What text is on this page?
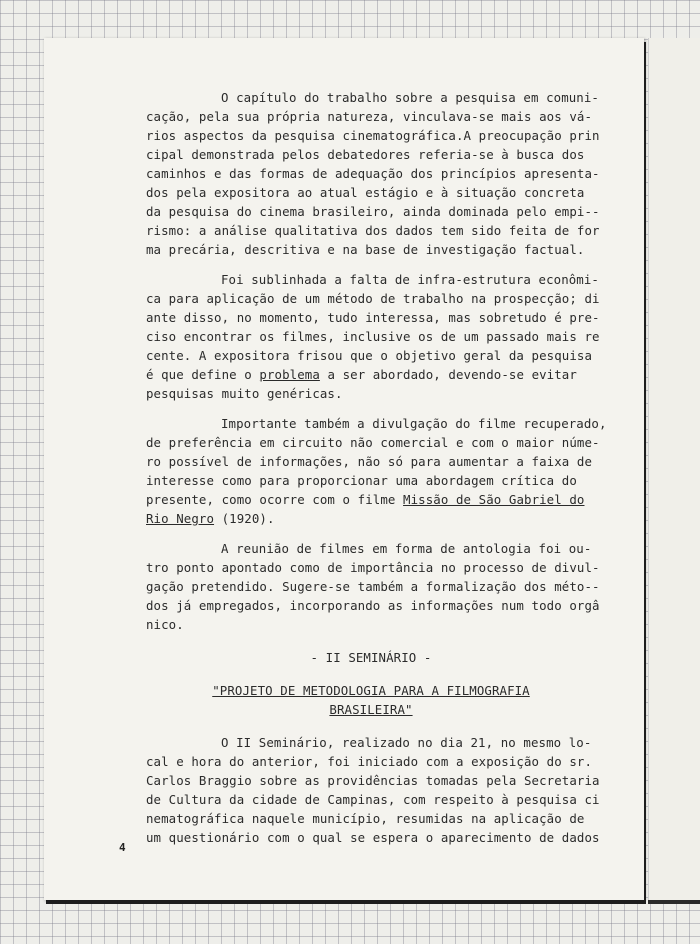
O capítulo do trabalho sobre a pesquisa em comuni-
cação, pela sua própria natureza, vinculava-se mais aos vá-
rios aspectos da pesquisa cinematográfica.A preocupação prin
cipal demonstrada pelos debatedores referia-se à busca dos
caminhos e das formas de adequação dos princípios apresenta-
dos pela expositora ao atual estágio e à situação concreta
da pesquisa do cinema brasileiro, ainda dominada pelo empi--
rismo: a análise qualitativa dos dados tem sido feita de for
ma precária, descritiva e na base de investigação factual.
Foi sublinhada a falta de infra-estrutura econômi-
ca para aplicação de um método de trabalho na prospecção; di
ante disso, no momento, tudo interessa, mas sobretudo é pre-
ciso encontrar os filmes, inclusive os de um passado mais re
cente. A expositora frisou que o objetivo geral da pesquisa
é que define o problema a ser abordado, devendo-se evitar
pesquisas muito genéricas.
Importante também a divulgação do filme recuperado,
de preferência em circuito não comercial e com o maior núme-
ro possível de informações, não só para aumentar a faixa de
interesse como para proporcionar uma abordagem crítica do
presente, como ocorre com o filme Missão de São Gabriel do
Rio Negro (1920).
A reunião de filmes em forma de antologia foi ou-
tro ponto apontado como de importância no processo de divul-
gação pretendido. Sugere-se também a formalização dos méto--
dos já empregados, incorporando as informações num todo orgâ
nico.
- II SEMINÁRIO -
"PROJETO DE METODOLOGIA PARA A FILMOGRAFIA
BRASILEIRA"
O II Seminário, realizado no dia 21, no mesmo lo-
cal e hora do anterior, foi iniciado com a exposição do sr.
Carlos Braggio sobre as providências tomadas pela Secretaria
de Cultura da cidade de Campinas, com respeito à pesquisa ci
nematográfica naquele município, resumidas na aplicação de
um questionário com o qual se espera o aparecimento de dados
4
